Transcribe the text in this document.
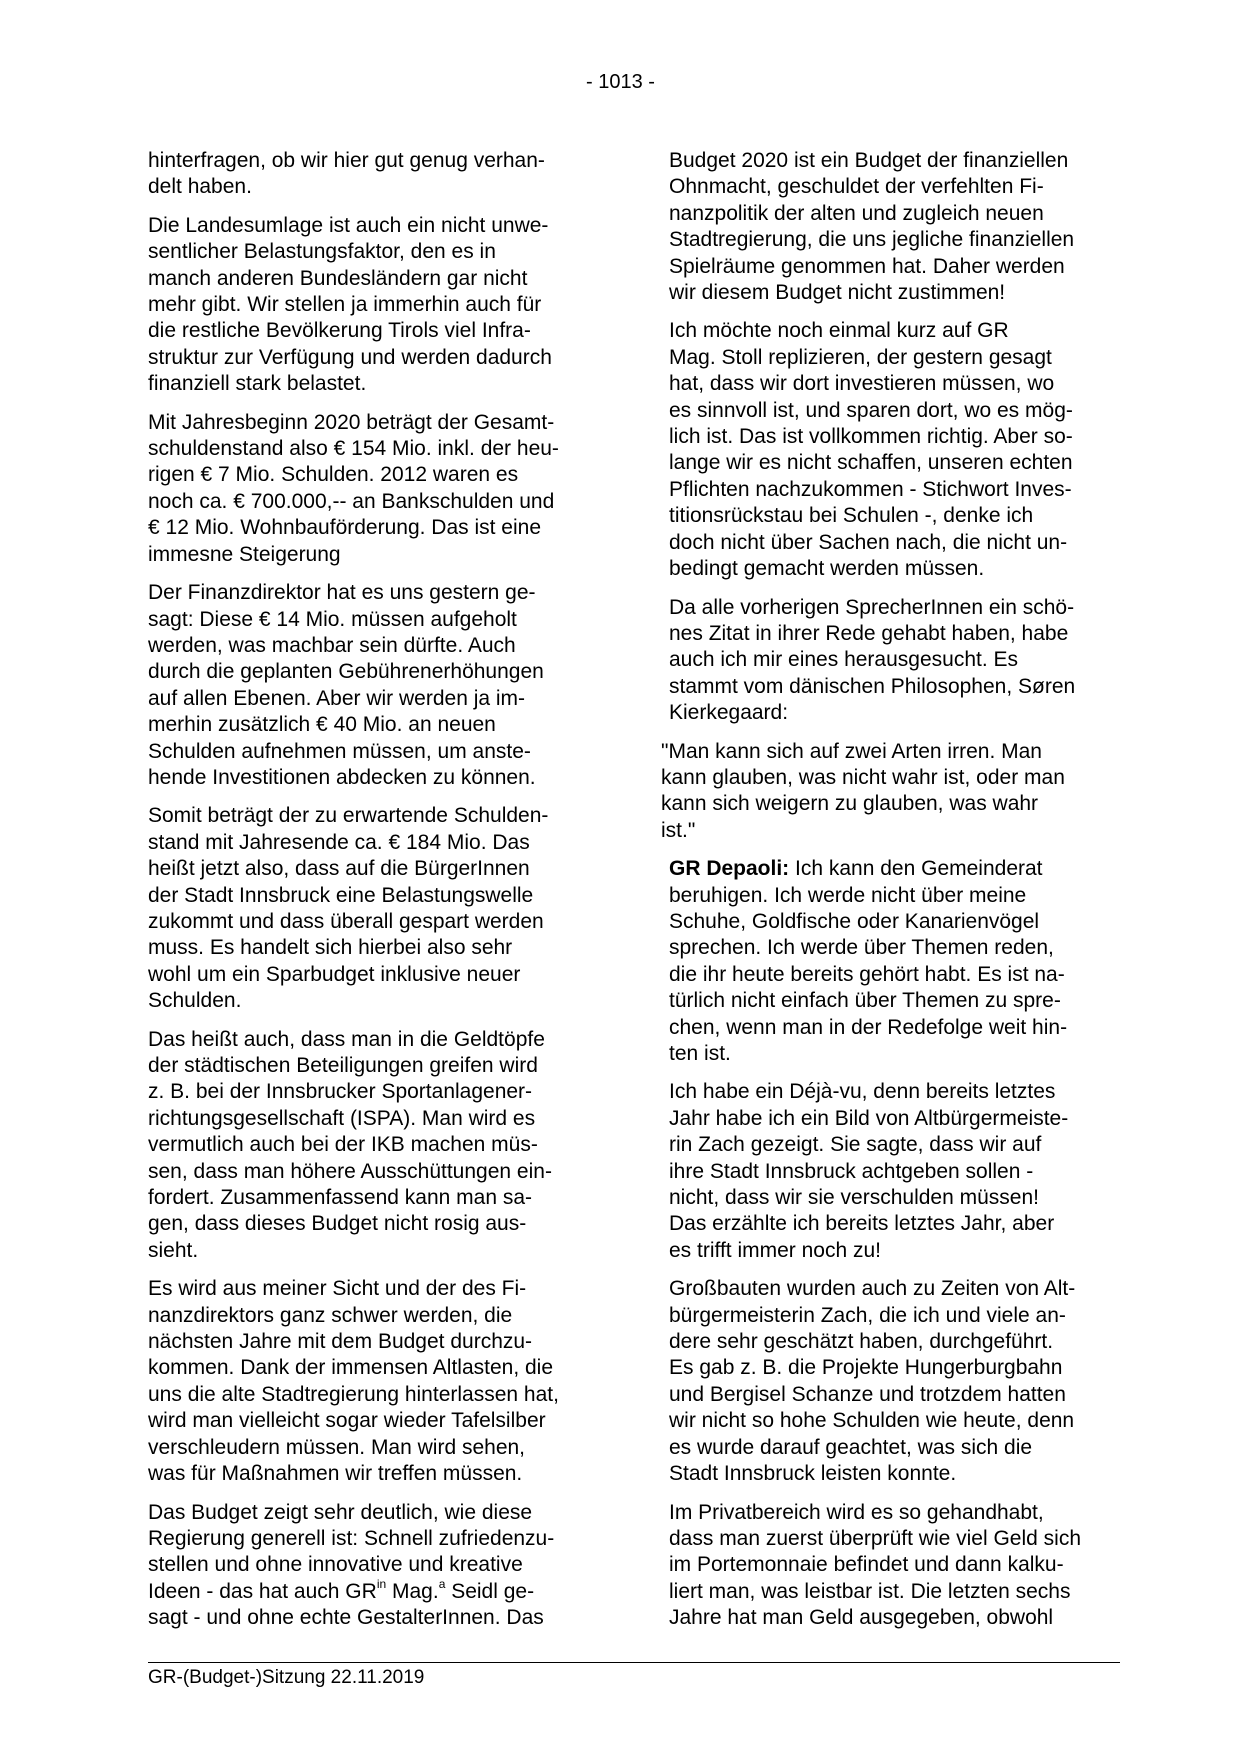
- 1013 -

hinterfragen, ob wir hier gut genug verhan-
delt haben.

Die Landesumlage ist auch ein nicht unwe-
sentlicher Belastungsfaktor, den es in
manch anderen Bundesländern gar nicht
mehr gibt. Wir stellen ja immerhin auch für
die restliche Bevölkerung Tirols viel Infra-
struktur zur Verfügung und werden dadurch
finanziell stark belastet.

Mit Jahresbeginn 2020 beträgt der Gesamt-
schuldenstand also € 154 Mio. inkl. der heu-
rigen € 7 Mio. Schulden. 2012 waren es
noch ca. € 700.000,-- an Bankschulden und
€ 12 Mio. Wohnbauförderung. Das ist eine
immesne Steigerung

Der Finanzdirektor hat es uns gestern ge-
sagt: Diese € 14 Mio. müssen aufgeholt
werden, was machbar sein dürfte. Auch
durch die geplanten Gebührenerhöhungen
auf allen Ebenen. Aber wir werden ja im-
merhin zusätzlich € 40 Mio. an neuen
Schulden aufnehmen müssen, um anste-
hende Investitionen abdecken zu können.

Somit beträgt der zu erwartende Schulden-
stand mit Jahresende ca. € 184 Mio. Das
heißt jetzt also, dass auf die BürgerInnen
der Stadt Innsbruck eine Belastungswelle
zukommt und dass überall gespart werden
muss. Es handelt sich hierbei also sehr
wohl um ein Sparbudget inklusive neuer
Schulden.

Das heißt auch, dass man in die Geldtöpfe
der städtischen Beteiligungen greifen wird
z. B. bei der Innsbrucker Sportanlagener-
richtungsgesellschaft (ISPA). Man wird es
vermutlich auch bei der IKB machen müs-
sen, dass man höhere Ausschüttungen ein-
fordert. Zusammenfassend kann man sa-
gen, dass dieses Budget nicht rosig aus-
sieht.

Es wird aus meiner Sicht und der des Fi-
nanzdirektors ganz schwer werden, die
nächsten Jahre mit dem Budget durchzu-
kommen. Dank der immensen Altlasten, die
uns die alte Stadtregierung hinterlassen hat,
wird man vielleicht sogar wieder Tafelsilber
verschleudern müssen. Man wird sehen,
was für Maßnahmen wir treffen müssen.

Das Budget zeigt sehr deutlich, wie diese
Regierung generell ist: Schnell zufriedenzu-
stellen und ohne innovative und kreative
Ideen - das hat auch $GR^{in}$ Mag.$^a$ Seidl ge-
sagt - und ohne echte GestalterInnen. Das

Budget 2020 ist ein Budget der finanziellen
Ohnmacht, geschuldet der verfehlten Fi-
nanzpolitik der alten und zugleich neuen
Stadtregierung, die uns jegliche finanziellen
Spielräume genommen hat. Daher werden
wir diesem Budget nicht zustimmen!

Ich möchte noch einmal kurz auf GR
Mag. Stoll replizieren, der gestern gesagt
hat, dass wir dort investieren müssen, wo
es sinnvoll ist, und sparen dort, wo es mög-
lich ist. Das ist vollkommen richtig. Aber so-
lange wir es nicht schaffen, unseren echten
Pflichten nachzukommen - Stichwort Inves-
titionsrückstau bei Schulen -, denke ich
doch nicht über Sachen nach, die nicht un-
bedingt gemacht werden müssen.

Da alle vorherigen SprecherInnen ein schö-
nes Zitat in ihrer Rede gehabt haben, habe
auch ich mir eines herausgesucht. Es
stammt vom dänischen Philosophen, Søren
Kierkegaard:

"Man kann sich auf zwei Arten irren. Man
kann glauben, was nicht wahr ist, oder man
kann sich weigern zu glauben, was wahr
ist."

GR Depaoli: Ich kann den Gemeinderat
beruhigen. Ich werde nicht über meine
Schuhe, Goldfische oder Kanarienvögel
sprechen. Ich werde über Themen reden,
die ihr heute bereits gehört habt. Es ist na-
türlich nicht einfach über Themen zu spre-
chen, wenn man in der Redefolge weit hin-
ten ist.

Ich habe ein Déjà-vu, denn bereits letztes
Jahr habe ich ein Bild von Altbürgermeiste-
rin Zach gezeigt. Sie sagte, dass wir auf
ihre Stadt Innsbruck achtgeben sollen -
nicht, dass wir sie verschulden müssen!
Das erzählte ich bereits letztes Jahr, aber
es trifft immer noch zu!

Großbauten wurden auch zu Zeiten von Alt-
bürgermeisterin Zach, die ich und viele an-
dere sehr geschätzt haben, durchgeführt.
Es gab z. B. die Projekte Hungerburgbahn
und Bergisel Schanze und trotzdem hatten
wir nicht so hohe Schulden wie heute, denn
es wurde darauf geachtet, was sich die
Stadt Innsbruck leisten konnte.

Im Privatbereich wird es so gehandhabt,
dass man zuerst überprüft wie viel Geld sich
im Portemonnaie befindet und dann kalku-
liert man, was leistbar ist. Die letzten sechs
Jahre hat man Geld ausgegeben, obwohl

GR-(Budget-)Sitzung 22.11.2019
